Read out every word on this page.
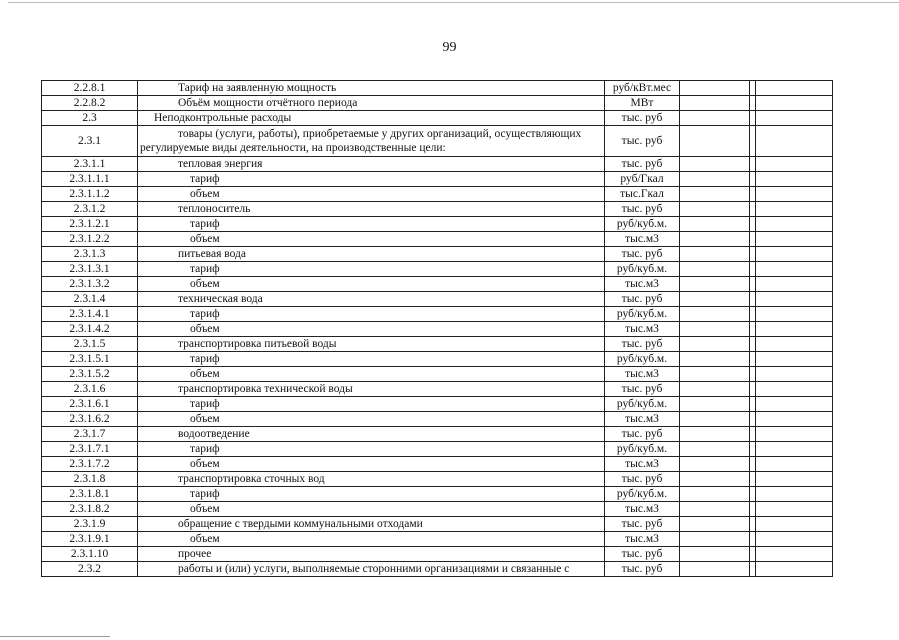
99
2.2.8.1	Тариф на заявленную мощность	руб/кВт.мес			
2.2.8.2	Объём мощности отчётного периода	МВт			
2.3	Неподконтрольные расходы	тыс. руб			
2.3.1	товары (услуги, работы), приобретаемые у других организаций, осуществляющих регулируемые виды деятельности, на производственные цели:	тыс. руб			
2.3.1.1	тепловая энергия	тыс. руб			
2.3.1.1.1	тариф	руб/Гкал			
2.3.1.1.2	объем	тыс.Гкал			
2.3.1.2	теплоноситель	тыс. руб			
2.3.1.2.1	тариф	руб/куб.м.			
2.3.1.2.2	объем	тыс.м3			
2.3.1.3	питьевая вода	тыс. руб			
2.3.1.3.1	тариф	руб/куб.м.			
2.3.1.3.2	объем	тыс.м3			
2.3.1.4	техническая вода	тыс. руб			
2.3.1.4.1	тариф	руб/куб.м.			
2.3.1.4.2	объем	тыс.м3			
2.3.1.5	транспортировка питьевой воды	тыс. руб			
2.3.1.5.1	тариф	руб/куб.м.			
2.3.1.5.2	объем	тыс.м3			
2.3.1.6	транспортировка технической воды	тыс. руб			
2.3.1.6.1	тариф	руб/куб.м.			
2.3.1.6.2	объем	тыс.м3			
2.3.1.7	водоотведение	тыс. руб			
2.3.1.7.1	тариф	руб/куб.м.			
2.3.1.7.2	объем	тыс.м3			
2.3.1.8	транспортировка сточных вод	тыс. руб			
2.3.1.8.1	тариф	руб/куб.м.			
2.3.1.8.2	объем	тыс.м3			
2.3.1.9	обращение с твердыми коммунальными отходами	тыс. руб			
2.3.1.9.1	объем	тыс.м3			
2.3.1.10	прочее	тыс. руб			
2.3.2	работы и (или) услуги, выполняемые сторонними организациями и связанные с	тыс. руб			
